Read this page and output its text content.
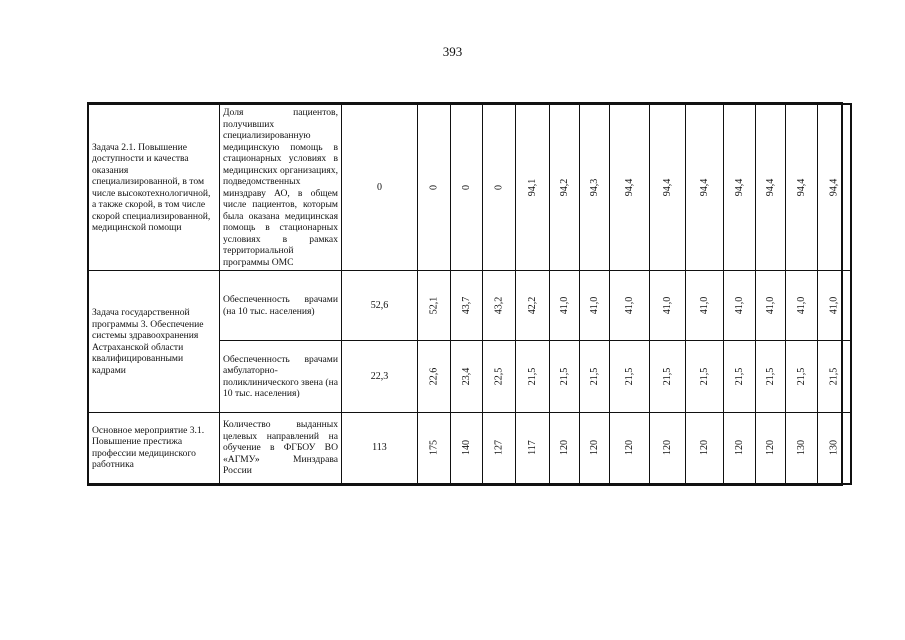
393
Задача 2.1. Повышение доступности и качества оказания специализированной, в том числе высокотехнологичной, а также скорой, в том числе скорой специализированной, медицинской помощи	Доля пациентов, получивших специализированную медицинскую помощь в стационарных условиях в медицинских организациях, подведомственных минздраву АО, в общем числе пациентов, которым была оказана медицинская помощь в стационарных условиях в рамках территориальной программы ОМС	0	0	0	0	94,1	94,2	94,3	94,4	94,4	94,4	94,4	94,4	94,4	94,4

Задача государственной программы 3. Обеспечение системы здравоохранения Астраханской области квалифицированными кадрами	Обеспеченность врачами (на 10 тыс. населения)	52,6	52,1	43,7	43,2	42,2	41,0	41,0	41,0	41,0	41,0	41,0	41,0	41,0	41,0

	Обеспеченность врачами амбулаторно-поликлинического звена (на 10 тыс. населения)	22,3	22,6	23,4	22,5	21,5	21,5	21,5	21,5	21,5	21,5	21,5	21,5	21,5	21,5

Основное мероприятие 3.1. Повышение престижа профессии медицинского работника	Количество выданных целевых направлений на обучение в ФГБОУ ВО «АГМУ» Минздрава России	113	175	140	127	117	120	120	120	120	120	120	120	130	130
